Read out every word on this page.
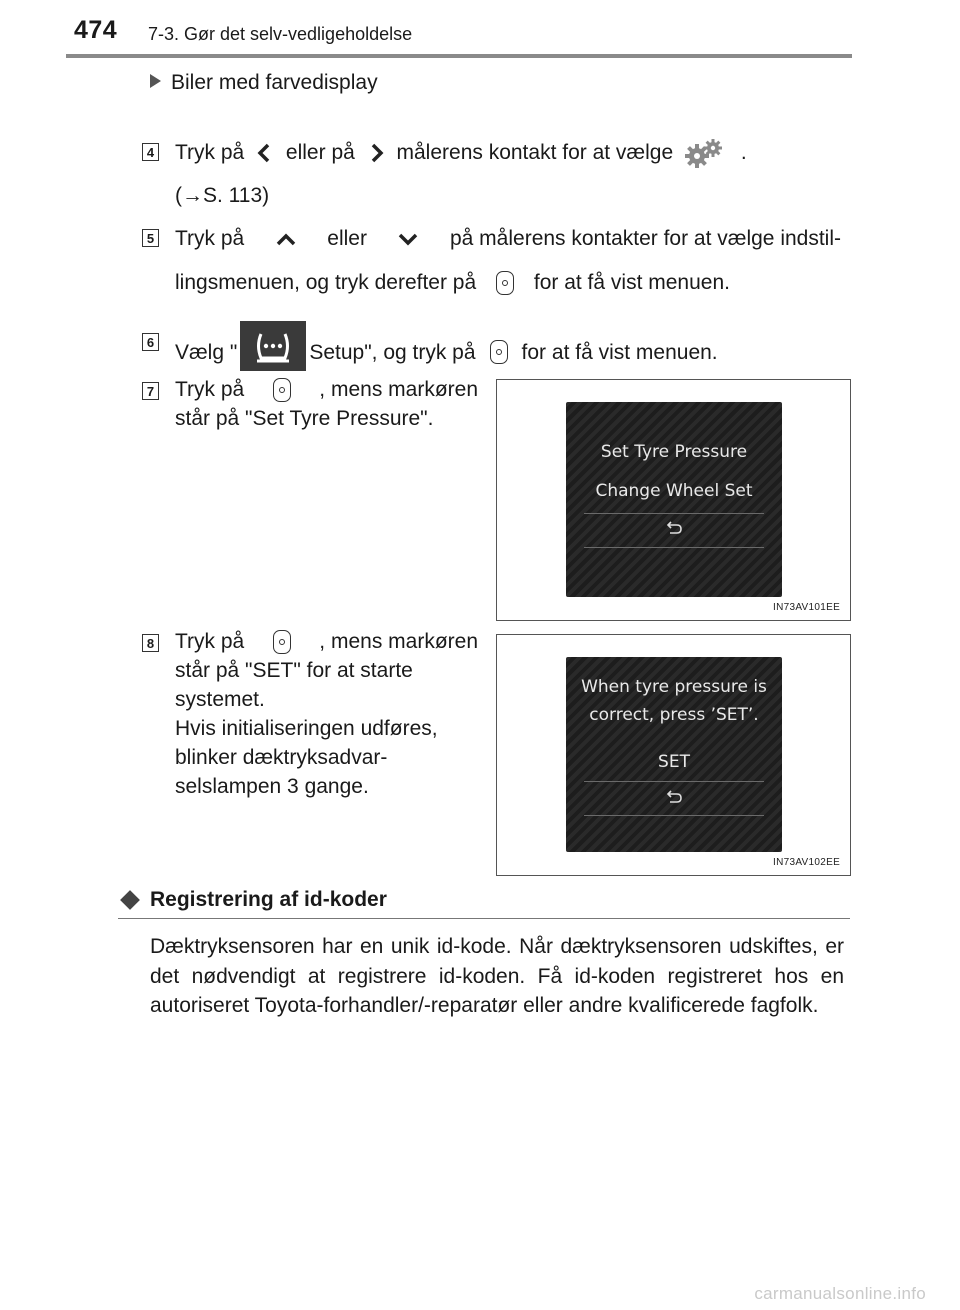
474 7-3. Gør det selv-vedligeholdelse
Biler med farvedisplay
4 Tryk på eller på målerens kontakt for at vælge	.
(→S. 113)
5 Tryk på	eller	på målerens kontakter for at vælge indstil-
lingsmenuen, og tryk derefter på	for at få vist menuen.
6 Vælg "	Setup", og tryk på for at få vist menuen.
7 Tryk på	, mens markøren
står på "Set Tyre Pressure".
Set Tyre Pressure
Change Wheel Set
IN73AV101EE
8 Tryk på	, mens markøren
står på "SET" for at starte
systemet.
Hvis initialiseringen udføres,
blinker dæktryksadvar-
selslampen 3 gange.
When tyre pressure is
correct, press ’SET’.
SET
IN73AV102EE
Registrering af id-koder
Dæktryksensoren har en unik id-kode. Når dæktryksensoren udskiftes, er det nødvendigt at registrere id-koden. Få id-koden registreret hos en autoriseret Toyota-forhandler/-reparatør eller andre kvalificerede fagfolk.
carmanualsonline.info
